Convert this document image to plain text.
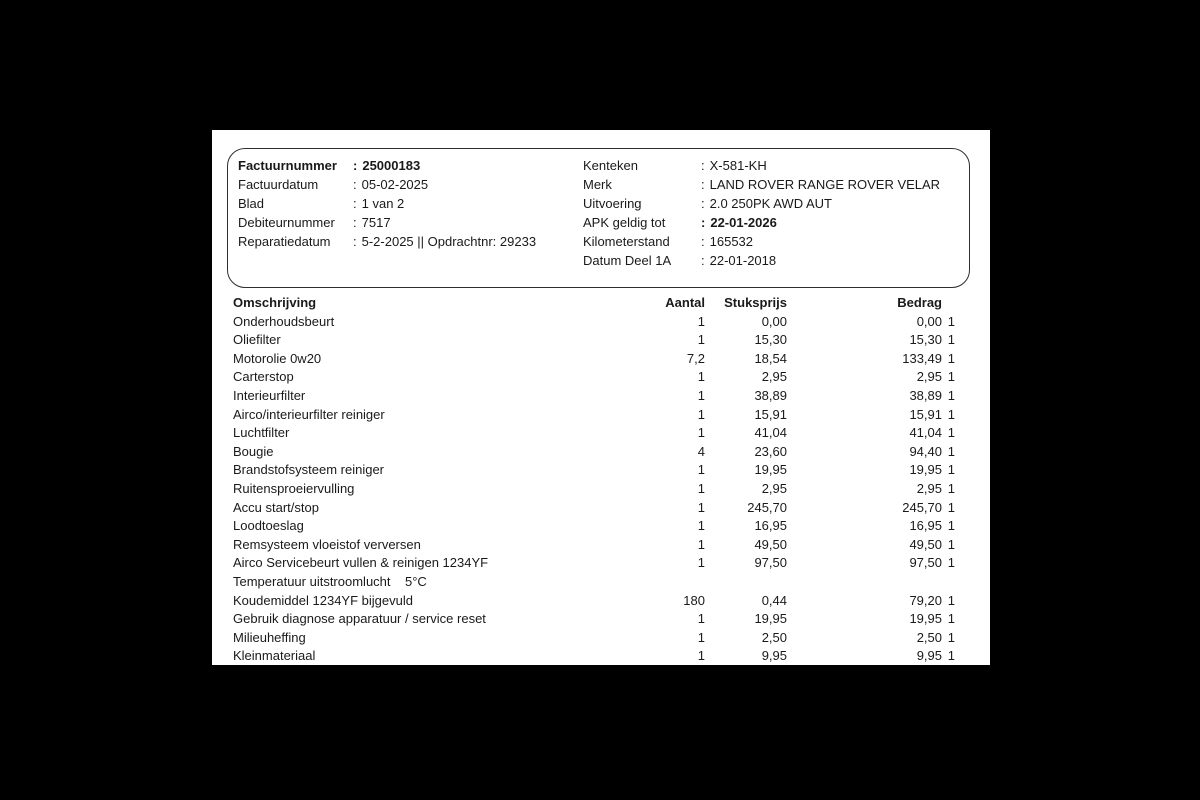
Factuurnummer	: 25000183
Factuurdatum	: 05-02-2025
Blad	: 1 van 2
Debiteurnummer	: 7517
Reparatiedatum	: 5-2-2025 || Opdrachtnr: 29233
Kenteken	: X-581-KH
Merk	: LAND ROVER RANGE ROVER VELAR
Uitvoering	: 2.0 250PK AWD AUT
APK geldig tot	: 22-01-2026
Kilometerstand	: 165532
Datum Deel 1A	: 22-01-2018
Omschrijving	Aantal	Stuksprijs	Bedrag
Onderhoudsbeurt	1	0,00	0,00 1
Oliefilter	1	15,30	15,30 1
Motorolie 0w20	7,2	18,54	133,49 1
Carterstop	1	2,95	2,95 1
Interieurfilter	1	38,89	38,89 1
Airco/interieurfilter reiniger	1	15,91	15,91 1
Luchtfilter	1	41,04	41,04 1
Bougie	4	23,60	94,40 1
Brandstofsysteem reiniger	1	19,95	19,95 1
Ruitensproeiervulling	1	2,95	2,95 1
Accu start/stop	1	245,70	245,70 1
Loodtoeslag	1	16,95	16,95 1
Remsysteem vloeistof verversen	1	49,50	49,50 1
Airco Servicebeurt vullen & reinigen 1234YF	1	97,50	97,50 1
Temperatuur uitstroomlucht    5°C
Koudemiddel 1234YF bijgevuld	180	0,44	79,20 1
Gebruik diagnose apparatuur / service reset	1	19,95	19,95 1
Milieuheffing	1	2,50	2,50 1
Kleinmateriaal	1	9,95	9,95 1
